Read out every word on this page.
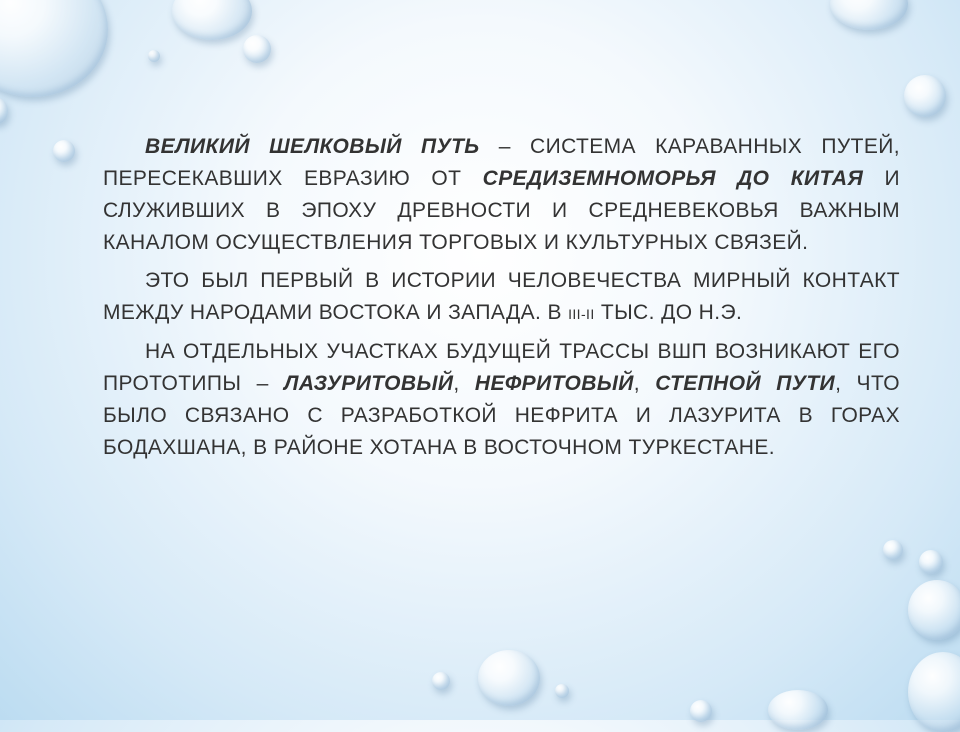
ВЕЛИКИЙ ШЕЛКОВЫЙ ПУТЬ – СИСТЕМА КАРАВАННЫХ ПУТЕЙ, ПЕРЕСЕКАВШИХ ЕВРАЗИЮ ОТ СРЕДИЗЕМНОМОРЬЯ ДО КИТАЯ И СЛУЖИВШИХ В ЭПОХУ ДРЕВНОСТИ И СРЕДНЕВЕКОВЬЯ ВАЖНЫМ КАНАЛОМ ОСУЩЕСТВЛЕНИЯ ТОРГОВЫХ И КУЛЬТУРНЫХ СВЯЗЕЙ.

ЭТО БЫЛ ПЕРВЫЙ В ИСТОРИИ ЧЕЛОВЕЧЕСТВА МИРНЫЙ КОНТАКТ МЕЖДУ НАРОДАМИ ВОСТОКА И ЗАПАДА. В III-II ТЫС. ДО Н.Э.

НА ОТДЕЛЬНЫХ УЧАСТКАХ БУДУЩЕЙ ТРАССЫ ВШП ВОЗНИКАЮТ ЕГО ПРОТОТИПЫ – ЛАЗУРИТОВЫЙ, НЕФРИТОВЫЙ, СТЕПНОЙ ПУТИ, ЧТО БЫЛО СВЯЗАНО С РАЗРАБОТКОЙ НЕФРИТА И ЛАЗУРИТА В ГОРАХ БОДАХШАНА, В РАЙОНЕ ХОТАНА В ВОСТОЧНОМ ТУРКЕСТАНЕ.
